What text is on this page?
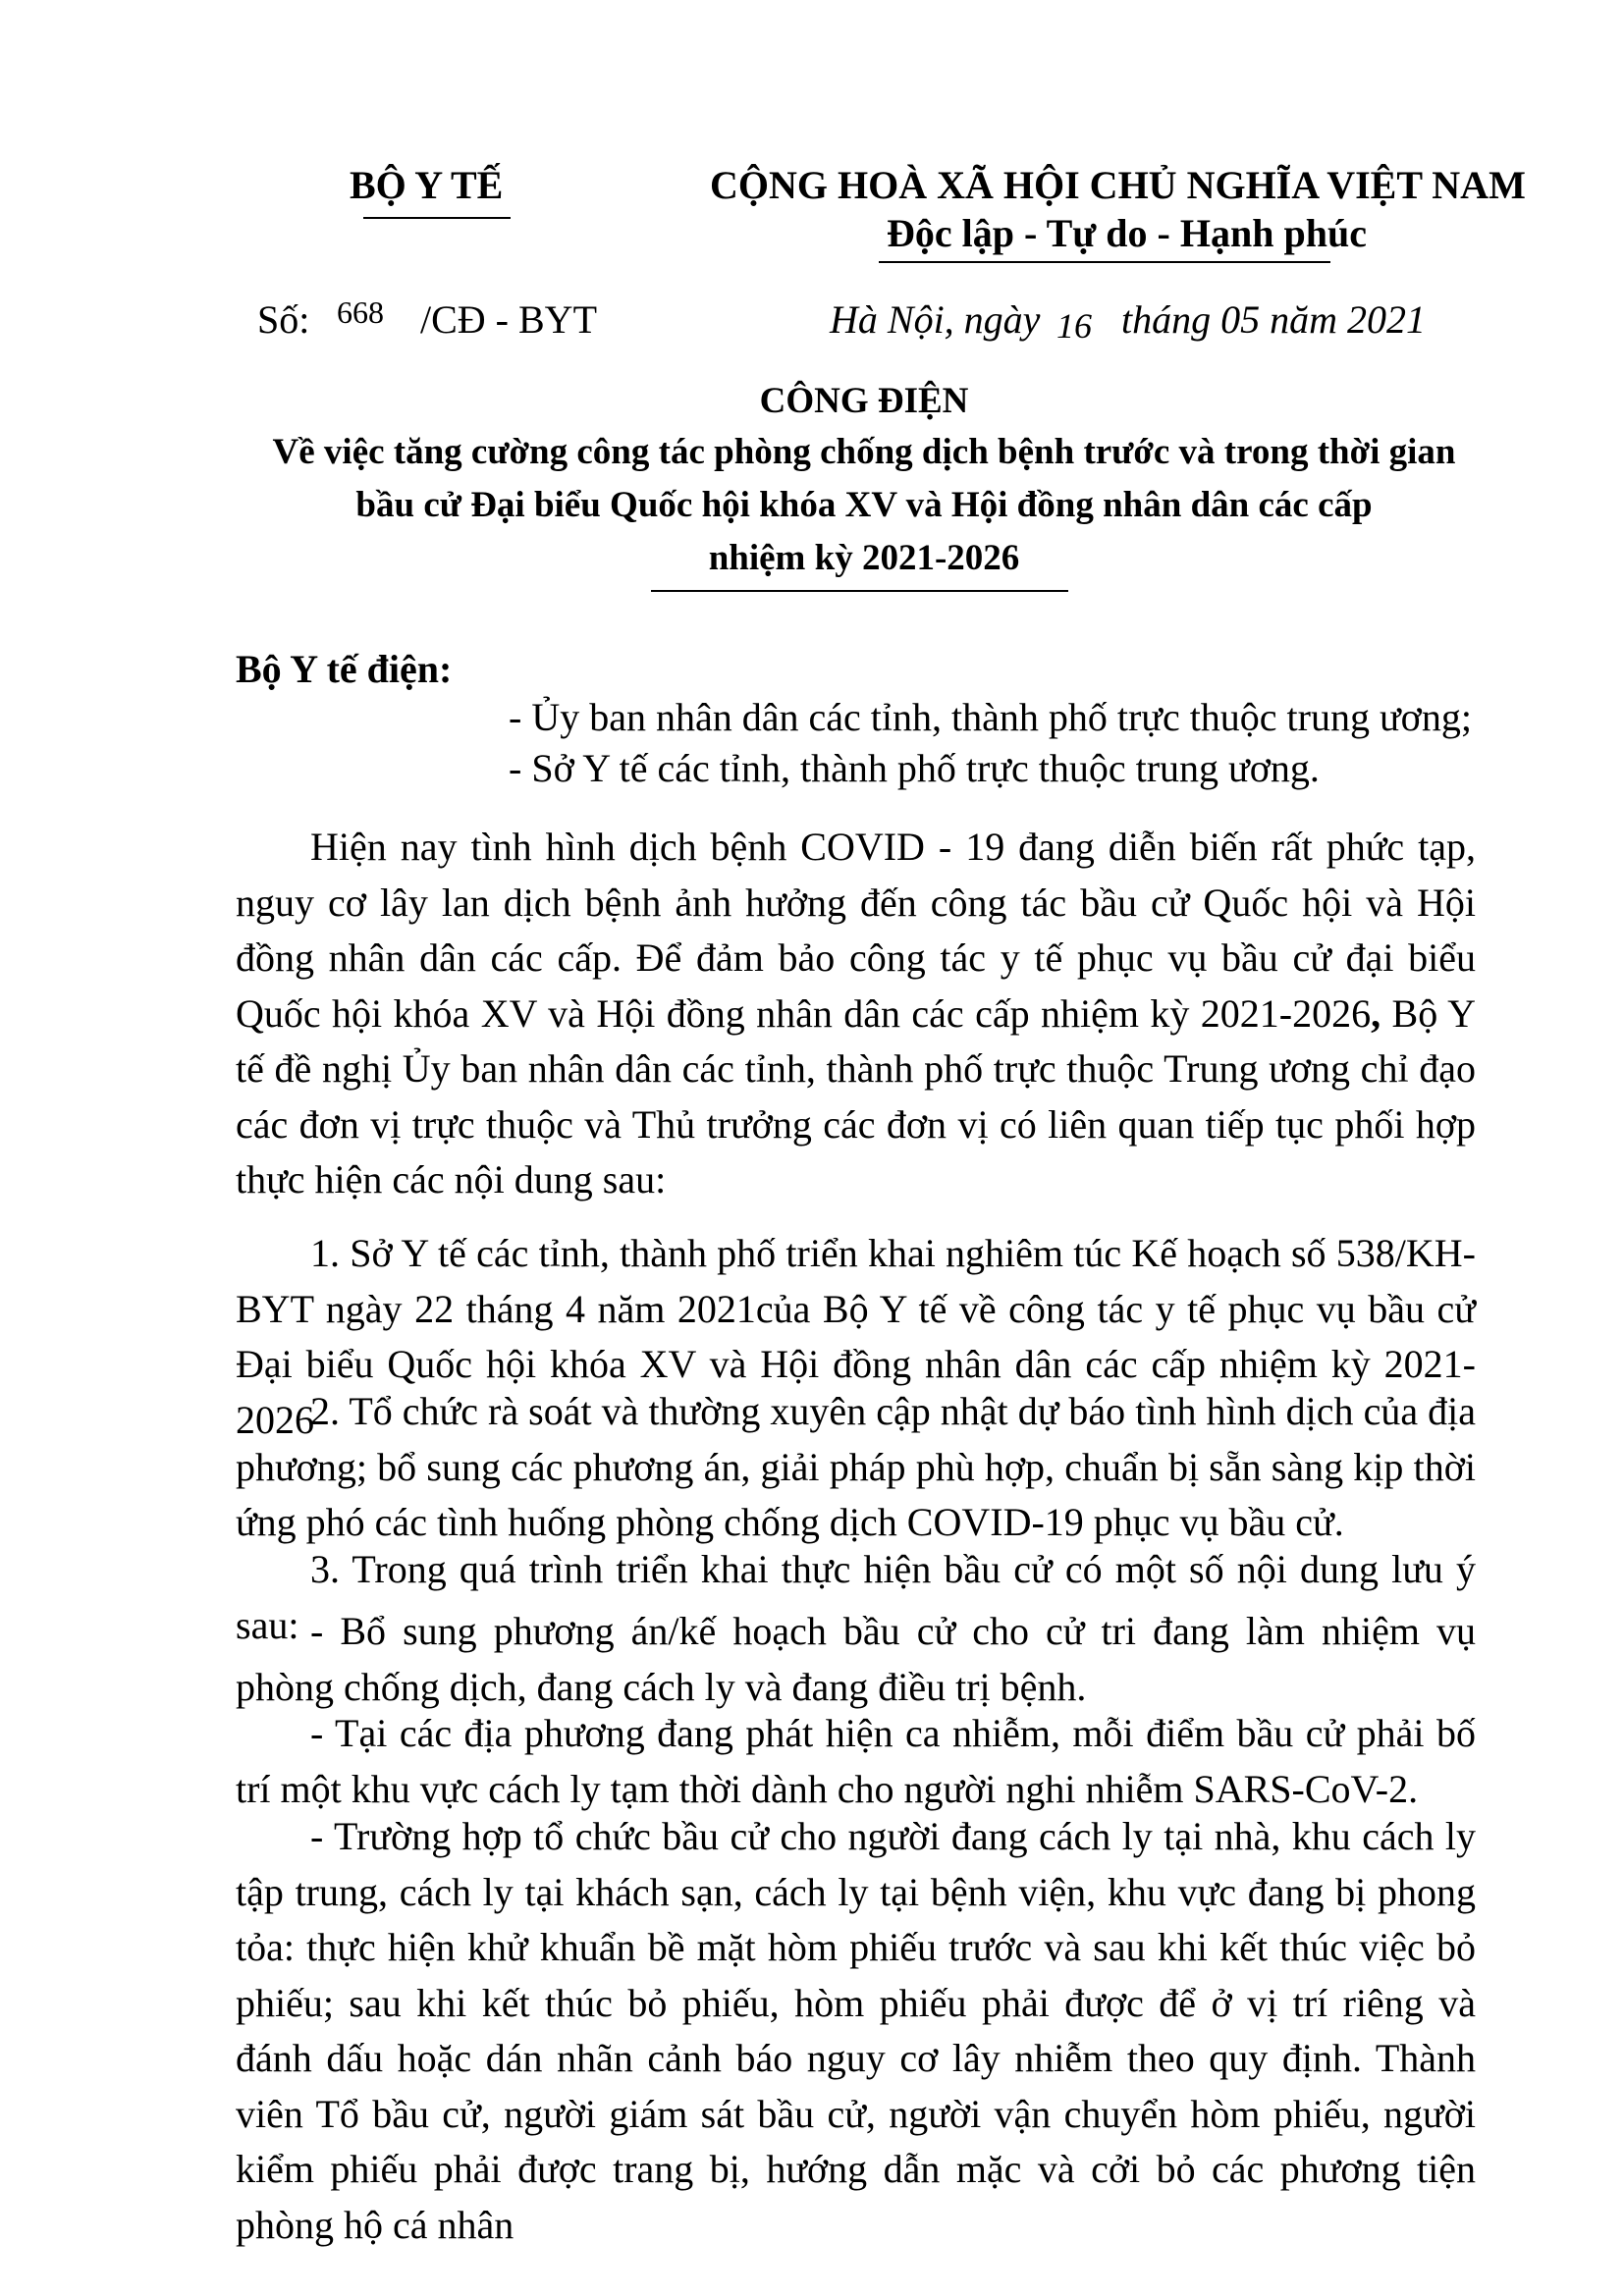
BỘ Y TẾ	CỘNG HOÀ XÃ HỘI CHỦ NGHĨA VIỆT NAM
Độc lập - Tự do - Hạnh phúc
Số: 668 /CĐ - BYT	Hà Nội, ngày 16 tháng 05 năm 2021
CÔNG ĐIỆN
Về việc tăng cường công tác phòng chống dịch bệnh trước và trong thời gian
bầu cử Đại biểu Quốc hội khóa XV và Hội đồng nhân dân các cấp
nhiệm kỳ 2021-2026
Bộ Y tế điện:
- Ủy ban nhân dân các tỉnh, thành phố trực thuộc trung ương;
- Sở Y tế các tỉnh, thành phố trực thuộc trung ương.
Hiện nay tình hình dịch bệnh COVID - 19 đang diễn biến rất phức tạp, nguy cơ lây lan dịch bệnh ảnh hưởng đến công tác bầu cử Quốc hội và Hội đồng nhân dân các cấp. Để đảm bảo công tác y tế phục vụ bầu cử đại biểu Quốc hội khóa XV và Hội đồng nhân dân các cấp nhiệm kỳ 2021-2026, Bộ Y tế đề nghị Ủy ban nhân dân các tỉnh, thành phố trực thuộc Trung ương chỉ đạo các đơn vị trực thuộc và Thủ trưởng các đơn vị có liên quan tiếp tục phối hợp thực hiện các nội dung sau:
1. Sở Y tế các tỉnh, thành phố triển khai nghiêm túc Kế hoạch số 538/KH-BYT ngày 22 tháng 4 năm 2021của Bộ Y tế về công tác y tế phục vụ bầu cử Đại biểu Quốc hội khóa XV và Hội đồng nhân dân các cấp nhiệm kỳ 2021-2026
2. Tổ chức rà soát và thường xuyên cập nhật dự báo tình hình dịch của địa phương; bổ sung các phương án, giải pháp phù hợp, chuẩn bị sẵn sàng kịp thời ứng phó các tình huống phòng chống dịch COVID-19 phục vụ bầu cử.
3. Trong quá trình triển khai thực hiện bầu cử có một số nội dung lưu ý sau: - Bổ sung phương án/kế hoạch bầu cử cho cử tri đang làm nhiệm vụ phòng chống dịch, đang cách ly và đang điều trị bệnh.
- Tại các địa phương đang phát hiện ca nhiễm, mỗi điểm bầu cử phải bố trí một khu vực cách ly tạm thời dành cho người nghi nhiễm SARS-CoV-2.
- Trường hợp tổ chức bầu cử cho người đang cách ly tại nhà, khu cách ly tập trung, cách ly tại khách sạn, cách ly tại bệnh viện, khu vực đang bị phong tỏa: thực hiện khử khuẩn bề mặt hòm phiếu trước và sau khi kết thúc việc bỏ phiếu; sau khi kết thúc bỏ phiếu, hòm phiếu phải được để ở vị trí riêng và đánh dấu hoặc dán nhãn cảnh báo nguy cơ lây nhiễm theo quy định. Thành viên Tổ bầu cử, người giám sát bầu cử, người vận chuyển hòm phiếu, người kiểm phiếu phải được trang bị, hướng dẫn mặc và cởi bỏ các phương tiện phòng hộ cá nhân
